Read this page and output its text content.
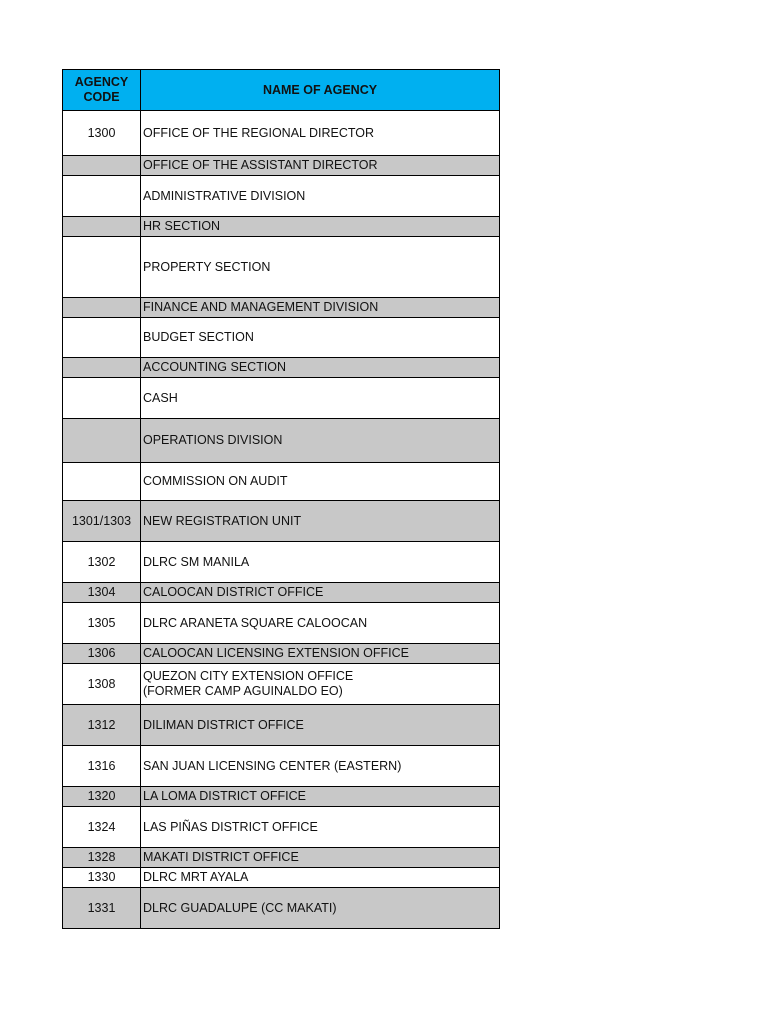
AGENCY
CODE	NAME OF AGENCY
1300	OFFICE OF THE REGIONAL DIRECTOR
	OFFICE OF THE ASSISTANT DIRECTOR
	ADMINISTRATIVE DIVISION
	HR SECTION
	PROPERTY SECTION
	FINANCE AND MANAGEMENT DIVISION
	BUDGET SECTION
	ACCOUNTING SECTION
	CASH
	OPERATIONS DIVISION
	COMMISSION ON AUDIT
1301/1303	NEW REGISTRATION UNIT
1302	DLRC SM MANILA
1304	CALOOCAN DISTRICT OFFICE
1305	DLRC ARANETA SQUARE CALOOCAN
1306	CALOOCAN LICENSING EXTENSION OFFICE
1308	QUEZON CITY EXTENSION OFFICE
(FORMER CAMP AGUINALDO EO)
1312	DILIMAN DISTRICT OFFICE
1316	SAN JUAN LICENSING CENTER (EASTERN)
1320	LA LOMA DISTRICT OFFICE
1324	LAS PIÑAS DISTRICT OFFICE
1328	MAKATI DISTRICT OFFICE
1330	DLRC MRT AYALA
1331	DLRC GUADALUPE (CC MAKATI)
